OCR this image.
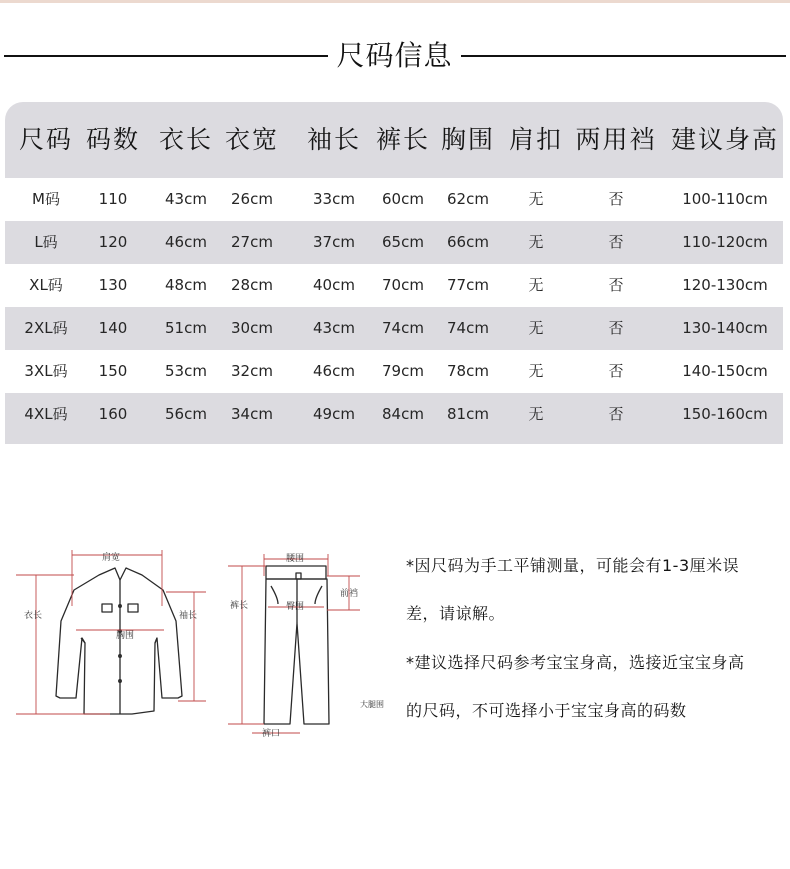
尺码信息
尺码 码数 衣长 衣宽 袖长 裤长 胸围 肩扣 两用裆 建议身高
M码	110	43cm	26cm	33cm	60cm	62cm	无	否	100-110cm
L码	120	46cm	27cm	37cm	65cm	66cm	无	否	110-120cm
XL码	130	48cm	28cm	40cm	70cm	77cm	无	否	120-130cm
2XL码	140	51cm	30cm	43cm	74cm	74cm	无	否	130-140cm
3XL码	150	53cm	32cm	46cm	79cm	78cm	无	否	140-150cm
4XL码	160	56cm	34cm	49cm	84cm	81cm	无	否	150-160cm
肩宽
衣长	袖长
胸围
腰围
裤长
前裆
臀围
大腿围
裤口
*因尺码为手工平铺测量，可能会有1-3厘米误
差，请谅解。
*建议选择尺码参考宝宝身高，选接近宝宝身高
的尺码，不可选择小于宝宝身高的码数
